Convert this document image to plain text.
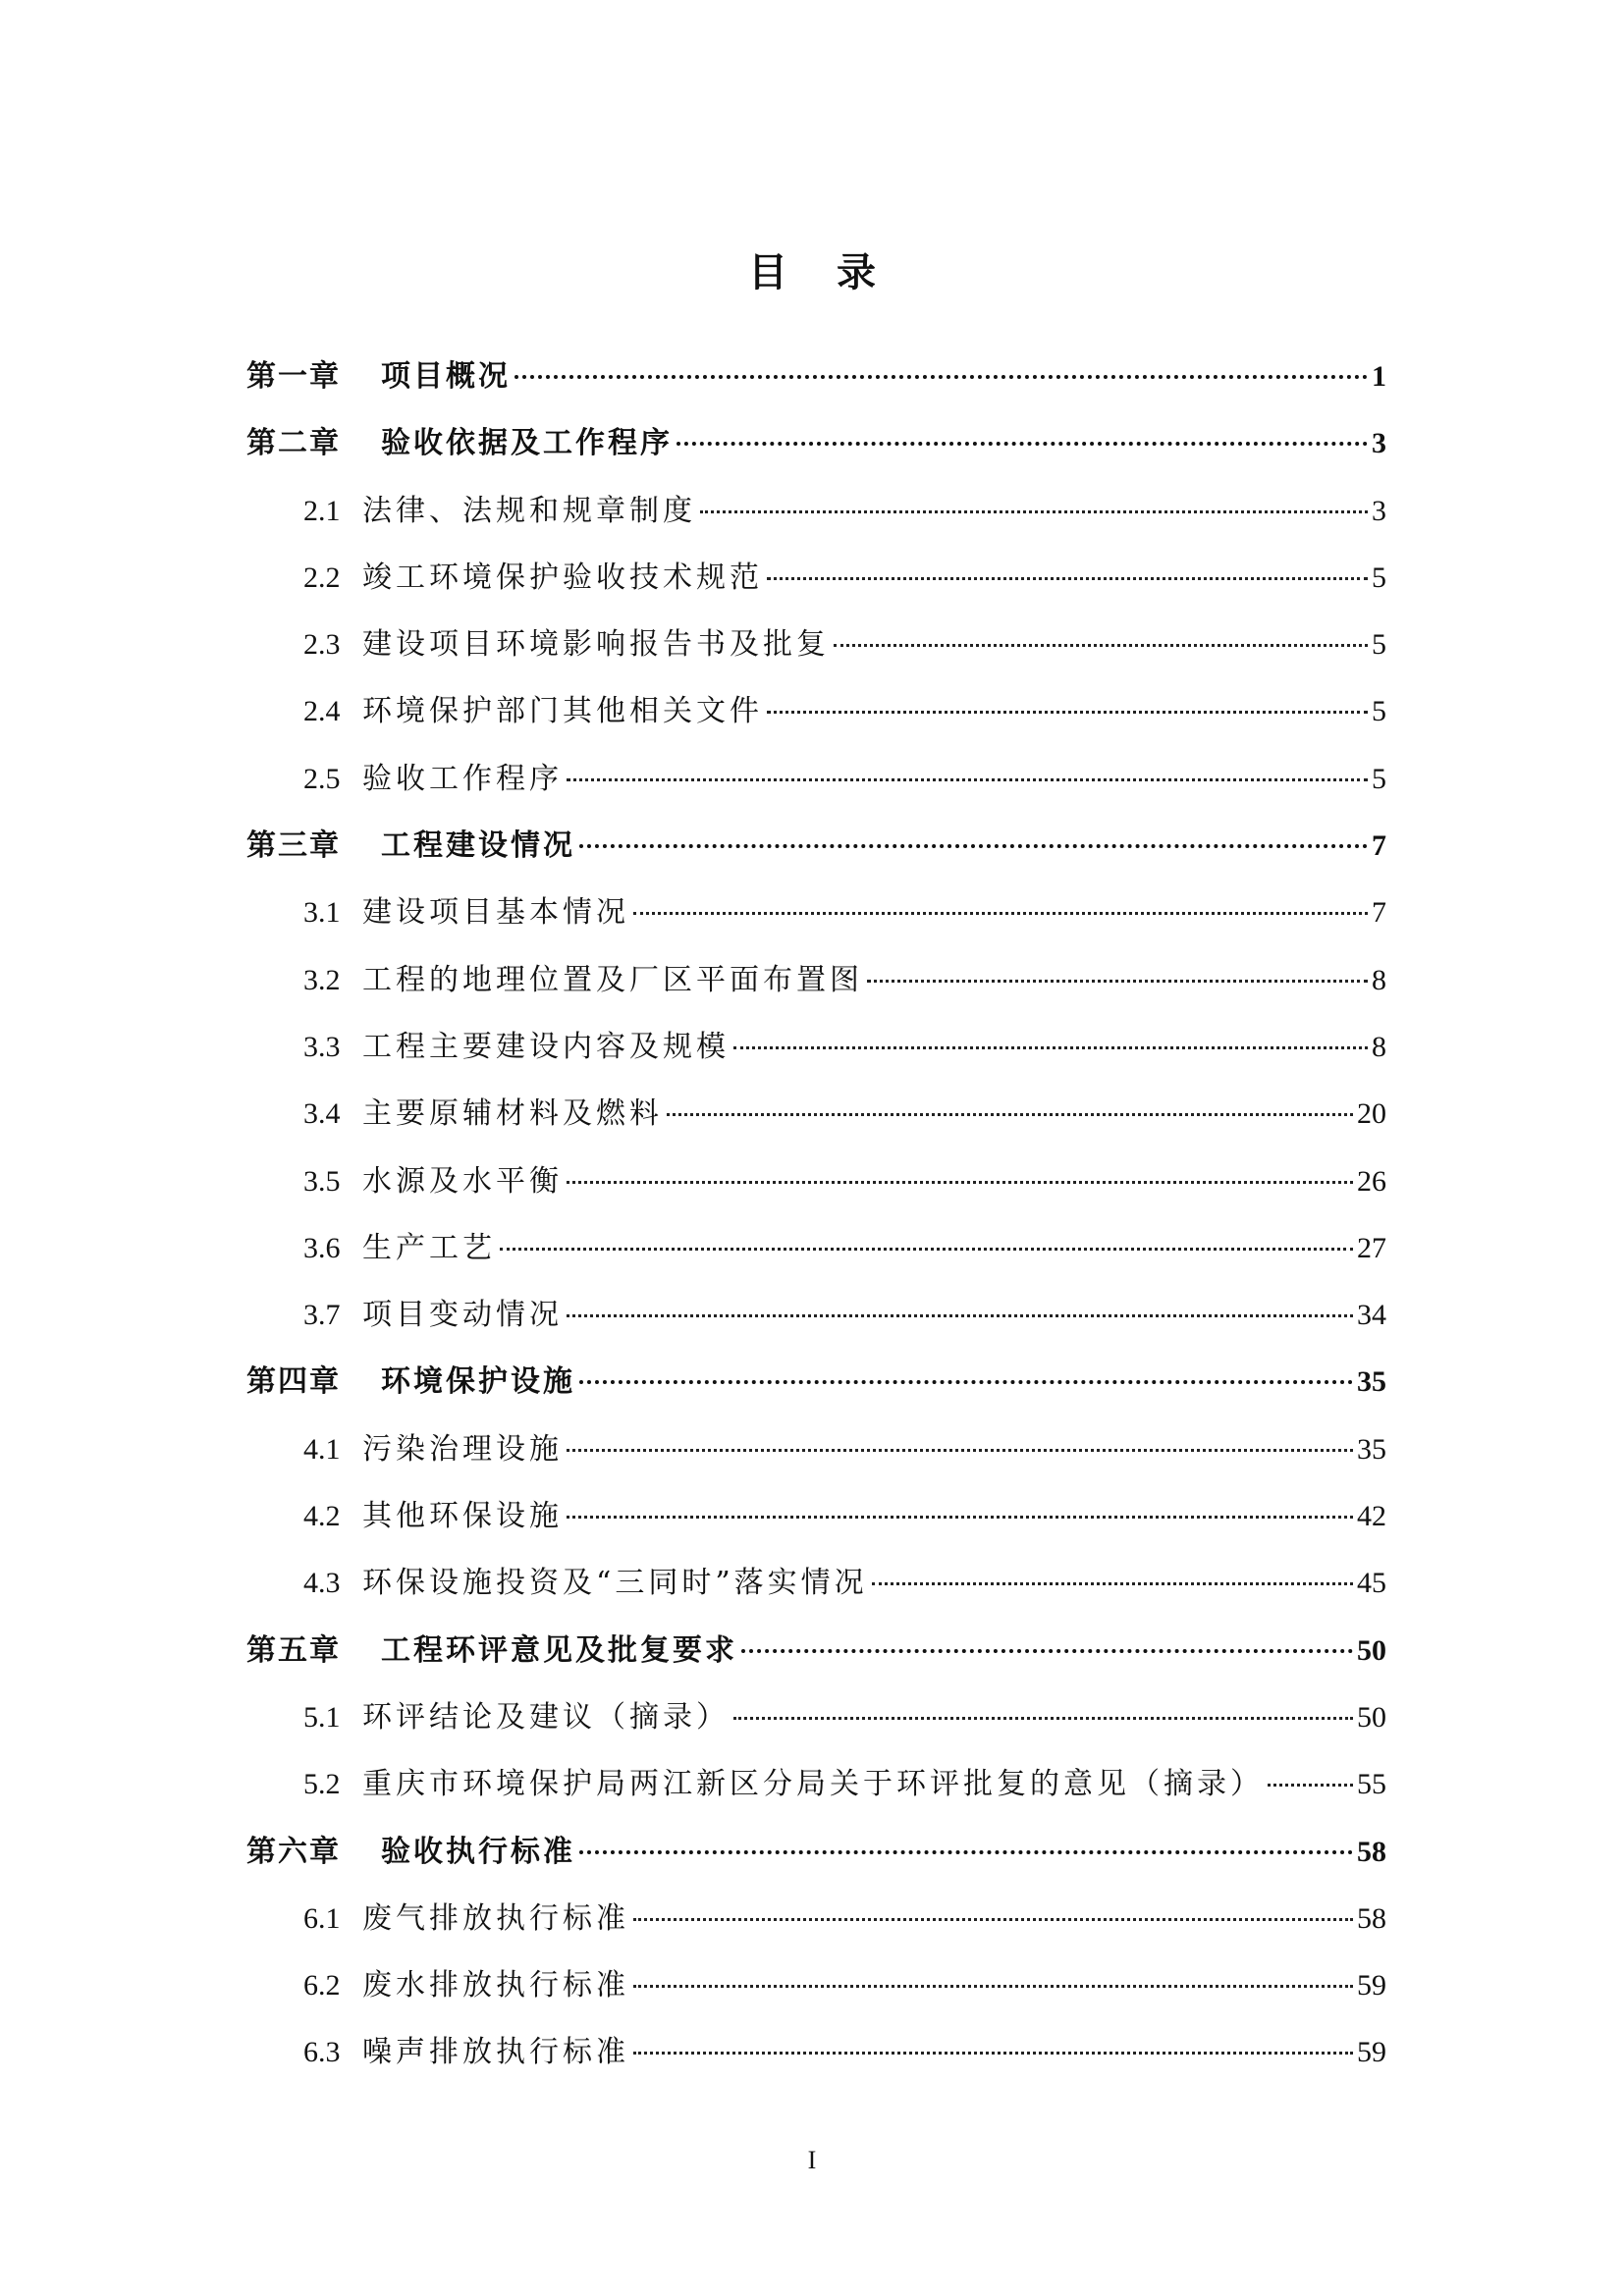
目录
第一章	项目概况	1
第二章	验收依据及工作程序	3
2.1 法律、法规和规章制度	3
2.2 竣工环境保护验收技术规范	5
2.3 建设项目环境影响报告书及批复	5
2.4 环境保护部门其他相关文件	5
2.5 验收工作程序	5
第三章	工程建设情况	7
3.1 建设项目基本情况	7
3.2 工程的地理位置及厂区平面布置图	8
3.3 工程主要建设内容及规模	8
3.4 主要原辅材料及燃料	20
3.5 水源及水平衡	26
3.6 生产工艺	27
3.7 项目变动情况	34
第四章	环境保护设施	35
4.1 污染治理设施	35
4.2 其他环保设施	42
4.3 环保设施投资及“三同时”落实情况	45
第五章	工程环评意见及批复要求	50
5.1 环评结论及建议（摘录）	50
5.2 重庆市环境保护局两江新区分局关于环评批复的意见（摘录）	55
第六章	验收执行标准	58
6.1 废气排放执行标准	58
6.2 废水排放执行标准	59
6.3 噪声排放执行标准	59
I
